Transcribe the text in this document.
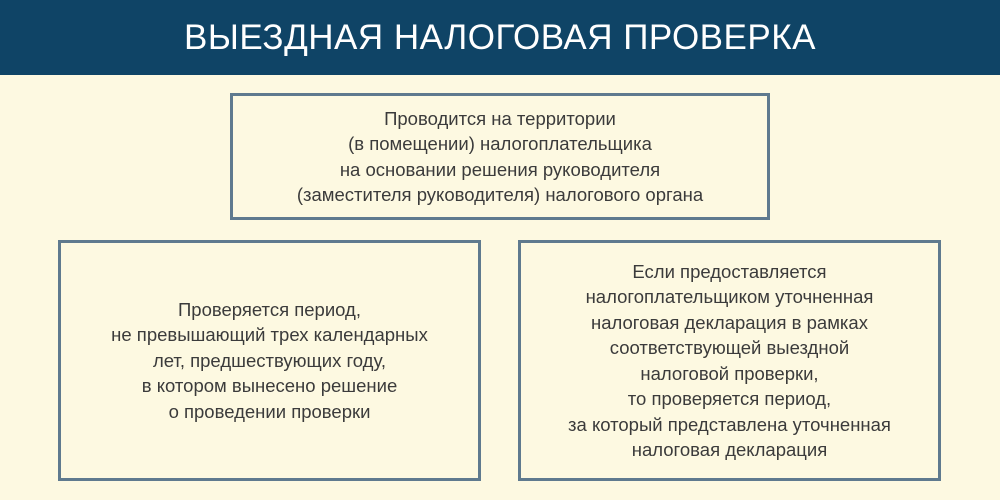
ВЫЕЗДНАЯ НАЛОГОВАЯ ПРОВЕРКА
Проводится на территории
(в помещении) налогоплательщика
на основании решения руководителя
(заместителя руководителя) налогового органа
Проверяется период,
не превышающий трех календарных
лет, предшествующих году,
в котором вынесено решение
о проведении проверки
Если предоставляется
налогоплательщиком уточненная
налоговая декларация в рамках
соответствующей выездной
налоговой проверки,
то проверяется период,
за который представлена уточненная
налоговая декларация
